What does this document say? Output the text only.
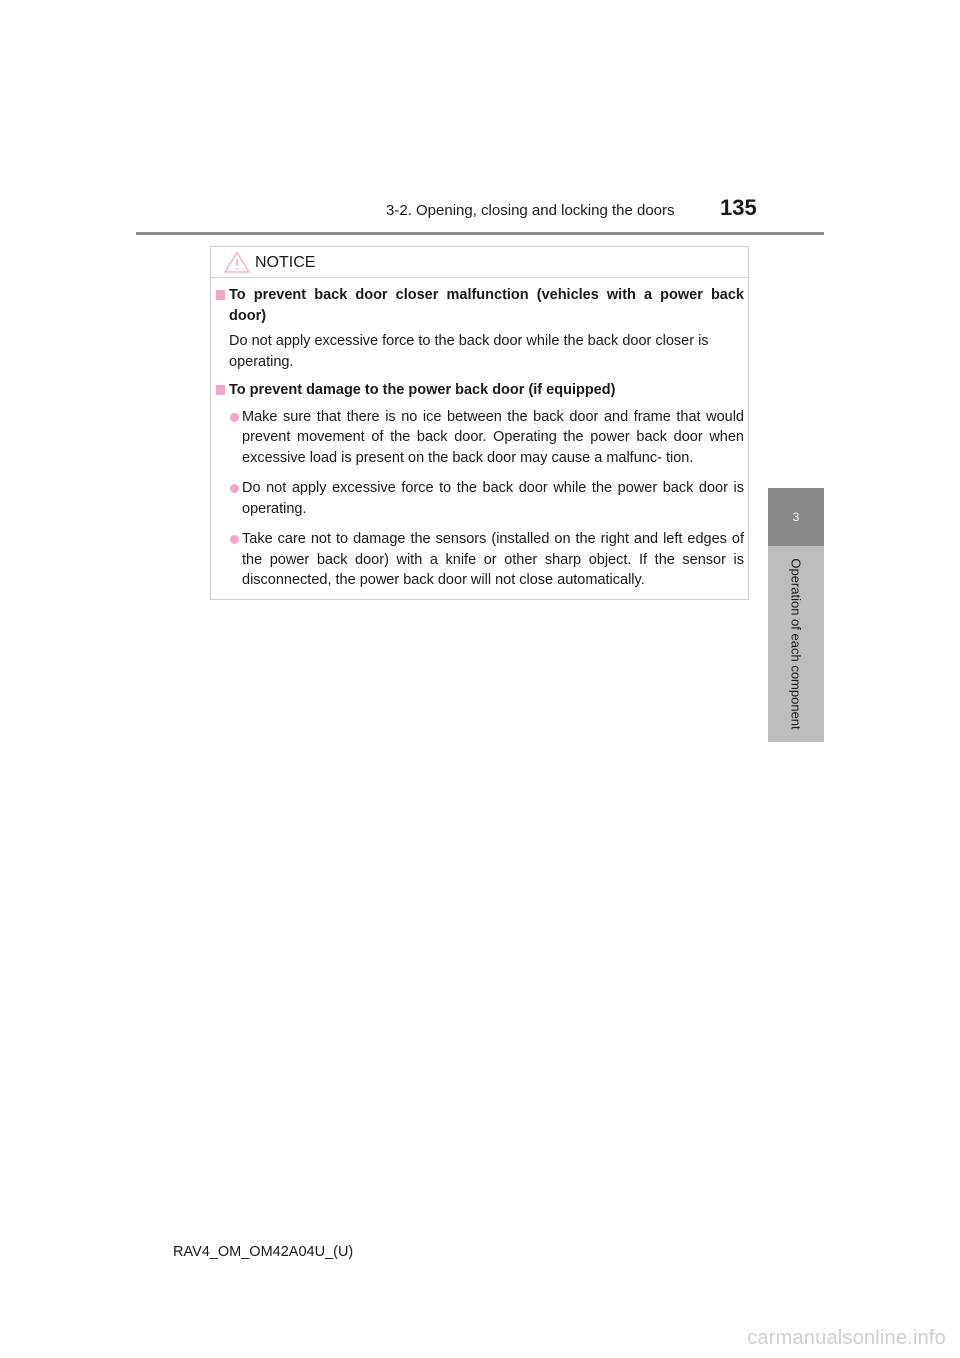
3-2. Opening, closing and locking the doors 135
3
Operation of each component
NOTICE
To prevent back door closer malfunction (vehicles with a power back door)
Do not apply excessive force to the back door while the back door closer is operating.
To prevent damage to the power back door (if equipped)
Make sure that there is no ice between the back door and frame that would prevent movement of the back door. Operating the power back door when excessive load is present on the back door may cause a malfunc- tion.
Do not apply excessive force to the back door while the power back door is operating.
Take care not to damage the sensors (installed on the right and left edges of the power back door) with a knife or other sharp object. If the sensor is disconnected, the power back door will not close automatically.
RAV4_OM_OM42A04U_(U)
carmanualsonline.info
